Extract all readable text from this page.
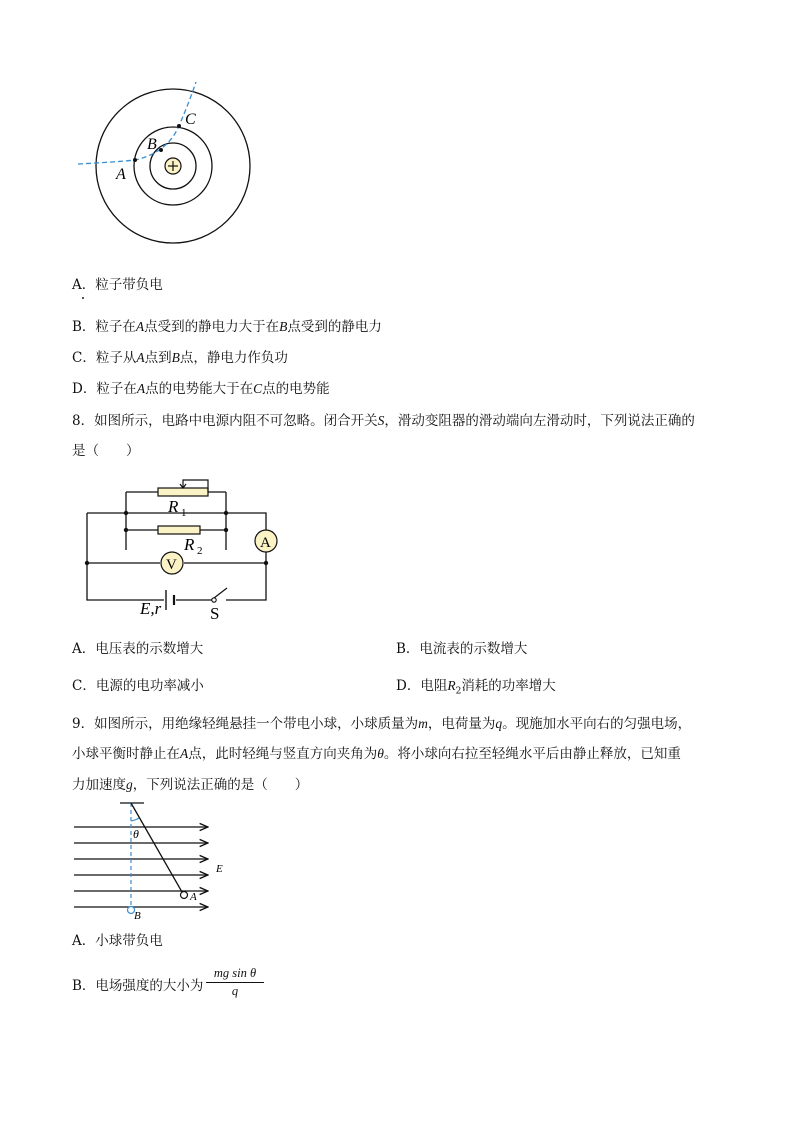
A
B
C
A．粒子带负电
B．粒子在A点受到的静电力大于在B点受到的静电力
C．粒子从A点到B点，静电力作负功
D．粒子在A点的电势能大于在C点的电势能
8．如图所示，电路中电源内阻不可忽略。闭合开关S，滑动变阻器的滑动端向左滑动时，下列说法正确的
是（　　）
A
V
R 1
R 2
E,r	S
A．电压表的示数增大	B．电流表的示数增大
C．电源的电功率减小	D．电阻$R_2$消耗的功率增大
9．如图所示，用绝缘轻绳悬挂一个带电小球，小球质量为m，电荷量为q。现施加水平向右的匀强电场，
小球平衡时静止在A点，此时轻绳与竖直方向夹角为θ。将小球向右拉至轻绳水平后由静止释放，已知重
力加速度g，下列说法正确的是（　　）
θ
E
A
B
A．小球带负电
B．电场强度的大小为 $\frac{\text{mg sin θ}}{q}$
